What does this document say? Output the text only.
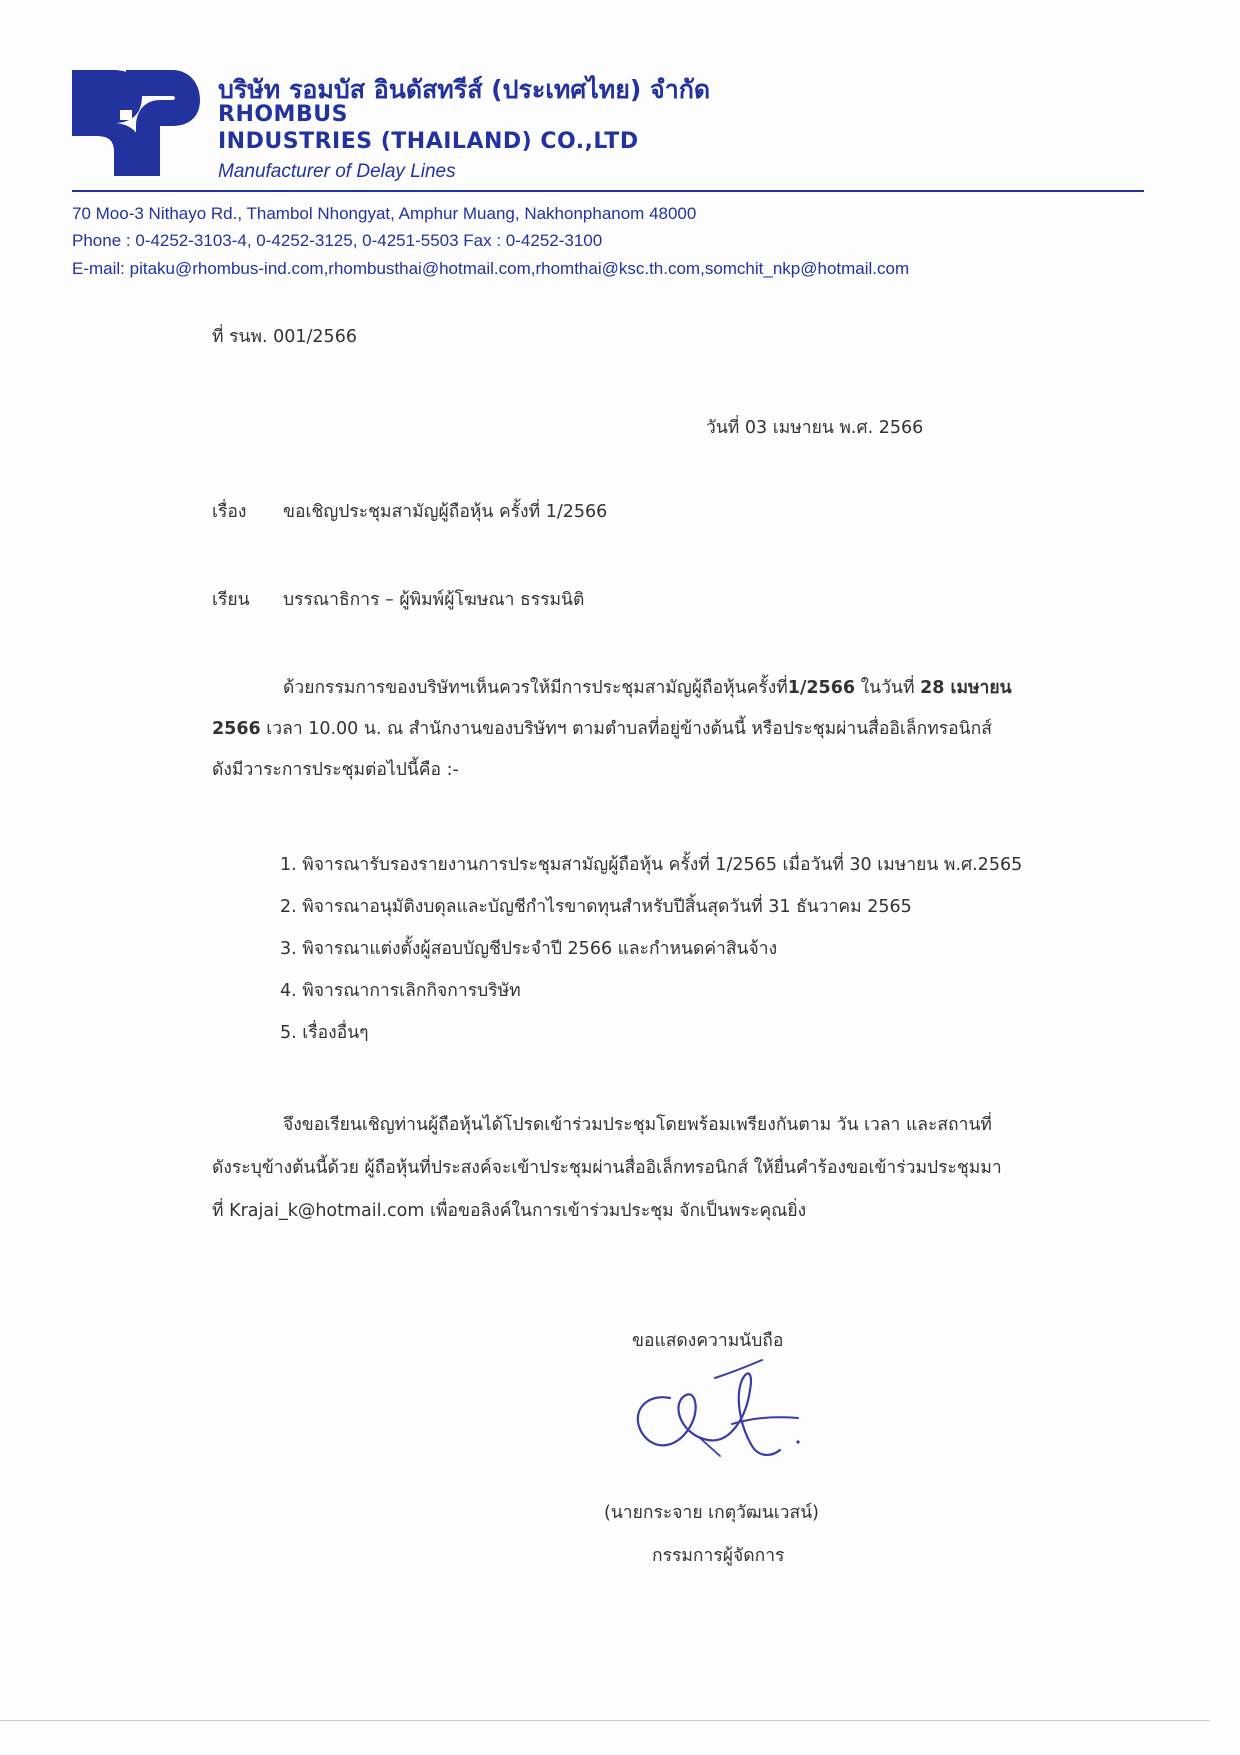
บริษัท รอมบัส อินดัสทรีส์ (ประเทศไทย) จำกัด
RHOMBUS
INDUSTRIES (THAILAND) CO.,LTD
Manufacturer of Delay Lines
70 Moo-3 Nithayo Rd., Thambol Nhongyat, Amphur Muang, Nakhonphanom 48000
Phone : 0-4252-3103-4, 0-4252-3125, 0-4251-5503 Fax : 0-4252-3100
E-mail: pitaku@rhombus-ind.com,rhombusthai@hotmail.com,rhomthai@ksc.th.com,somchit_nkp@hotmail.com
ที่ รนพ. 001/2566
วันที่ 03 เมษายน พ.ศ. 2566
เรื่อง ขอเชิญประชุมสามัญผู้ถือหุ้น ครั้งที่ 1/2566
เรียน บรรณาธิการ – ผู้พิมพ์ผู้โฆษณา ธรรมนิติ
ด้วยกรรมการของบริษัทฯเห็นควรให้มีการประชุมสามัญผู้ถือหุ้นครั้งที่1/2566 ในวันที่ 28 เมษายน
2566 เวลา 10.00 น. ณ สำนักงานของบริษัทฯ ตามตำบลที่อยู่ข้างต้นนี้ หรือประชุมผ่านสื่ออิเล็กทรอนิกส์
ดังมีวาระการประชุมต่อไปนี้คือ :-
1. พิจารณารับรองรายงานการประชุมสามัญผู้ถือหุ้น ครั้งที่ 1/2565 เมื่อวันที่ 30 เมษายน พ.ศ.2565
2. พิจารณาอนุมัติงบดุลและบัญชีกำไรขาดทุนสำหรับปีสิ้นสุดวันที่ 31 ธันวาคม 2565
3. พิจารณาแต่งตั้งผู้สอบบัญชีประจำปี 2566 และกำหนดค่าสินจ้าง
4. พิจารณาการเลิกกิจการบริษัท
5. เรื่องอื่นๆ
จึงขอเรียนเชิญท่านผู้ถือหุ้นได้โปรดเข้าร่วมประชุมโดยพร้อมเพรียงกันตาม วัน เวลา และสถานที่
ดังระบุข้างต้นนี้ด้วย ผู้ถือหุ้นที่ประสงค์จะเข้าประชุมผ่านสื่ออิเล็กทรอนิกส์ ให้ยื่นคำร้องขอเข้าร่วมประชุมมา
ที่ Krajai_k@hotmail.com เพื่อขอลิงค์ในการเข้าร่วมประชุม จักเป็นพระคุณยิ่ง
ขอแสดงความนับถือ
(นายกระจาย เกตุวัฒนเวสน์)
กรรมการผู้จัดการ
